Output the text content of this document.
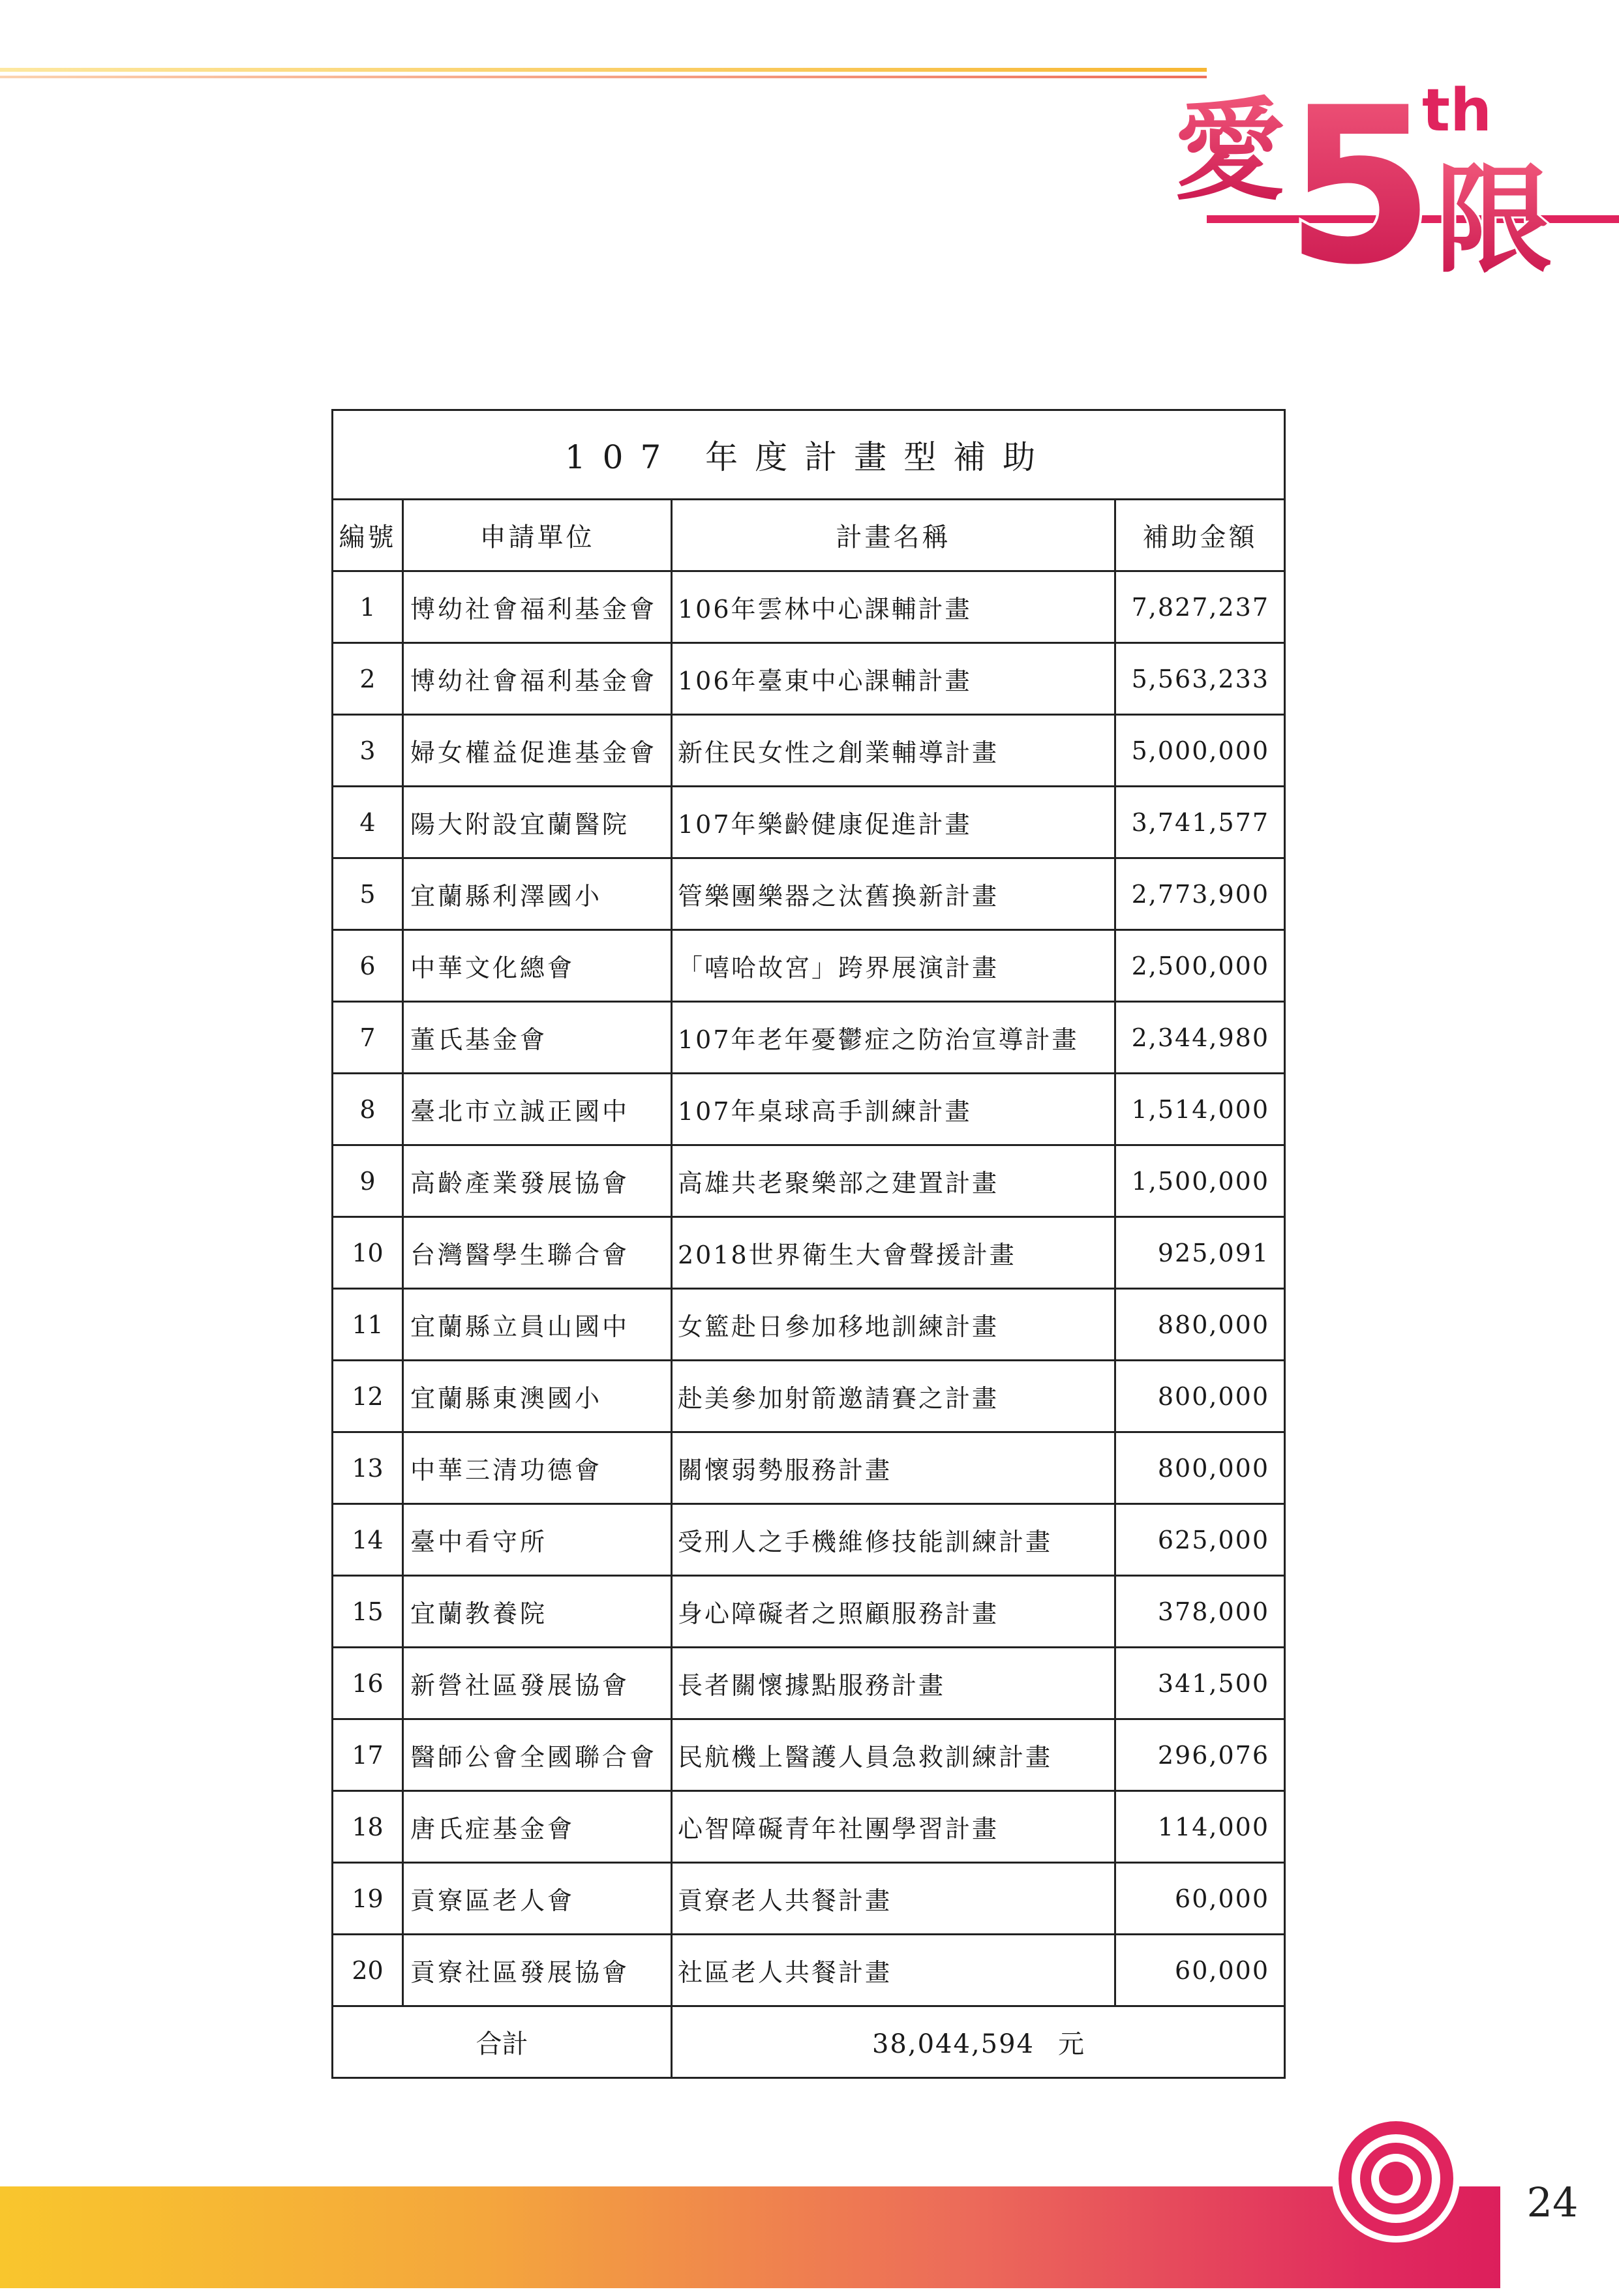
愛 5
th
限
107 年度計畫型補助			
編號	申請單位	計畫名稱	補助金額
1	博幼社會福利基金會	106年雲林中心課輔計畫	7,827,237
2	博幼社會福利基金會	106年臺東中心課輔計畫	5,563,233
3	婦女權益促進基金會	新住民女性之創業輔導計畫	5,000,000
4	陽大附設宜蘭醫院	107年樂齡健康促進計畫	3,741,577
5	宜蘭縣利澤國小	管樂團樂器之汰舊換新計畫	2,773,900
6	中華文化總會	「嘻哈故宮」跨界展演計畫	2,500,000
7	董氏基金會	107年老年憂鬱症之防治宣導計畫	2,344,980
8	臺北市立誠正國中	107年桌球高手訓練計畫	1,514,000
9	高齡產業發展協會	高雄共老聚樂部之建置計畫	1,500,000
10	台灣醫學生聯合會	2018世界衛生大會聲援計畫	925,091
11	宜蘭縣立員山國中	女籃赴日參加移地訓練計畫	880,000
12	宜蘭縣東澳國小	赴美參加射箭邀請賽之計畫	800,000
13	中華三清功德會	關懷弱勢服務計畫	800,000
14	臺中看守所	受刑人之手機維修技能訓練計畫	625,000
15	宜蘭教養院	身心障礙者之照顧服務計畫	378,000
16	新營社區發展協會	長者關懷據點服務計畫	341,500
17	醫師公會全國聯合會	民航機上醫護人員急救訓練計畫	296,076
18	唐氏症基金會	心智障礙青年社團學習計畫	114,000
19	貢寮區老人會	貢寮老人共餐計畫	60,000
20	貢寮社區發展協會	社區老人共餐計畫	60,000
合計		38,044,594 元	
24
